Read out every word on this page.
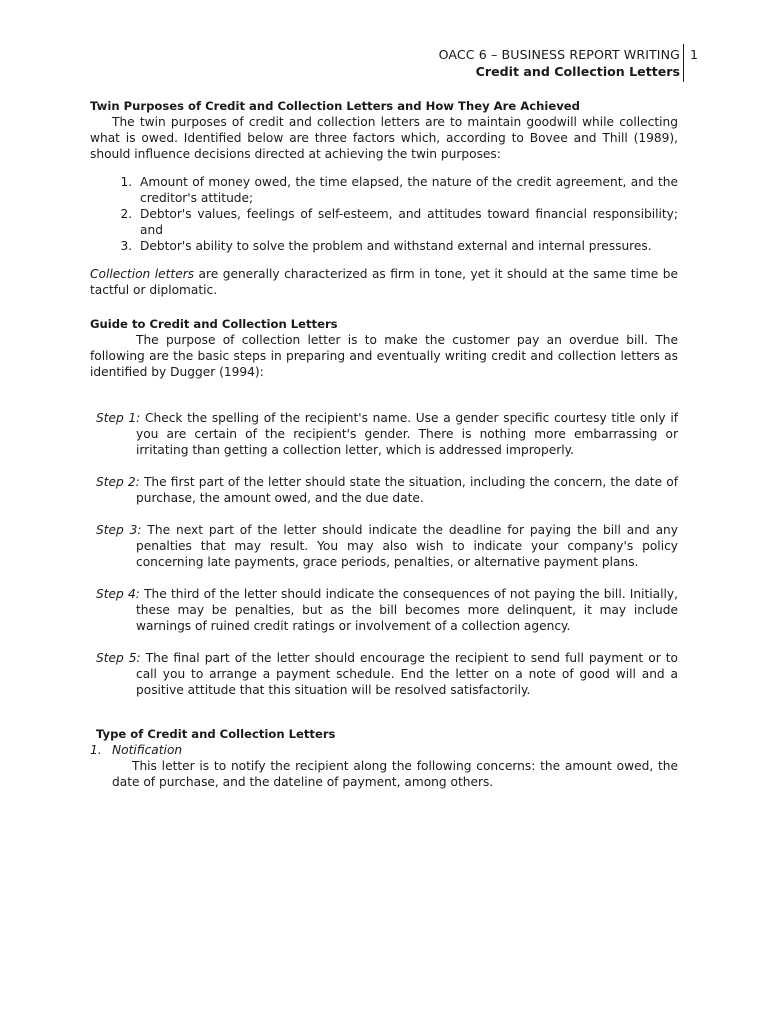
OACC 6 – BUSINESS REPORT WRITING
Credit and Collection Letters
1
Twin Purposes of Credit and Collection Letters and How They Are Achieved

The twin purposes of credit and collection letters are to maintain goodwill while collecting what is owed. Identified below are three factors which, according to Bovee and Thill (1989), should influence decisions directed at achieving the twin purposes:

1. Amount of money owed, the time elapsed, the nature of the credit agreement, and the creditor's attitude;
2. Debtor's values, feelings of self-esteem, and attitudes toward financial responsibility; and
3. Debtor's ability to solve the problem and withstand external and internal pressures.

Collection letters are generally characterized as firm in tone, yet it should at the same time be tactful or diplomatic.

Guide to Credit and Collection Letters

The purpose of collection letter is to make the customer pay an overdue bill. The following are the basic steps in preparing and eventually writing credit and collection letters as identified by Dugger (1994):

Step 1: Check the spelling of the recipient's name. Use a gender specific courtesy title only if you are certain of the recipient's gender. There is nothing more embarrassing or irritating than getting a collection letter, which is addressed improperly.

Step 2: The first part of the letter should state the situation, including the concern, the date of purchase, the amount owed, and the due date.

Step 3: The next part of the letter should indicate the deadline for paying the bill and any penalties that may result. You may also wish to indicate your company's policy concerning late payments, grace periods, penalties, or alternative payment plans.

Step 4: The third of the letter should indicate the consequences of not paying the bill. Initially, these may be penalties, but as the bill becomes more delinquent, it may include warnings of ruined credit ratings or involvement of a collection agency.

Step 5: The final part of the letter should encourage the recipient to send full payment or to call you to arrange a payment schedule. End the letter on a note of good will and a positive attitude that this situation will be resolved satisfactorily.

Type of Credit and Collection Letters
1. Notification

This letter is to notify the recipient along the following concerns: the amount owed, the date of purchase, and the dateline of payment, among others.
